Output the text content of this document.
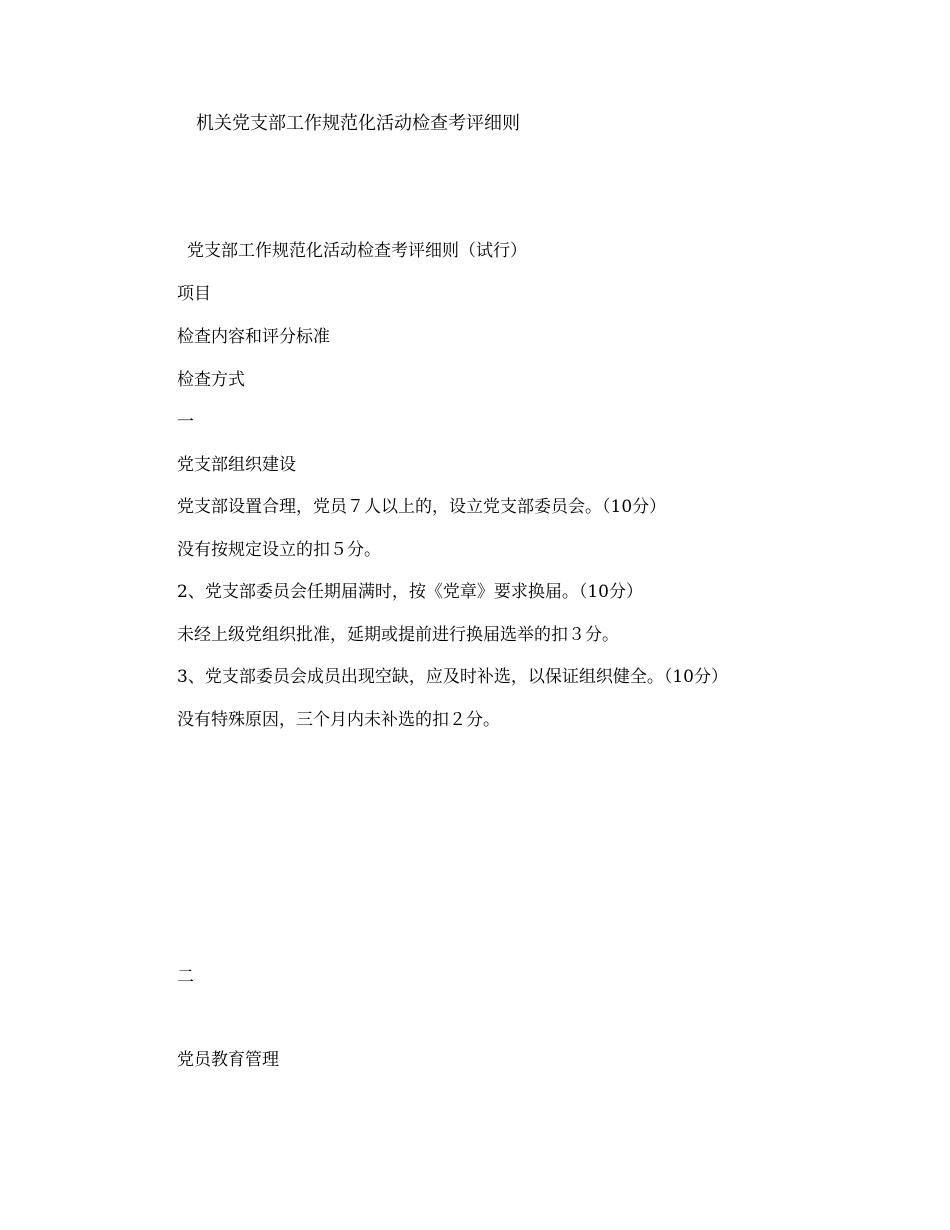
机关党支部工作规范化活动检查考评细则

党支部工作规范化活动检查考评细则（试行）

项目

检查内容和评分标准

检查方式

一

党支部组织建设

党支部设置合理，党员７人以上的，设立党支部委员会。（10分）

没有按规定设立的扣５分。

2、党支部委员会任期届满时，按《党章》要求换届。（10分）

未经上级党组织批准，延期或提前进行换届选举的扣３分。

3、党支部委员会成员出现空缺，应及时补选，以保证组织健全。（10分）

没有特殊原因，三个月内未补选的扣２分。

二

党员教育管理
